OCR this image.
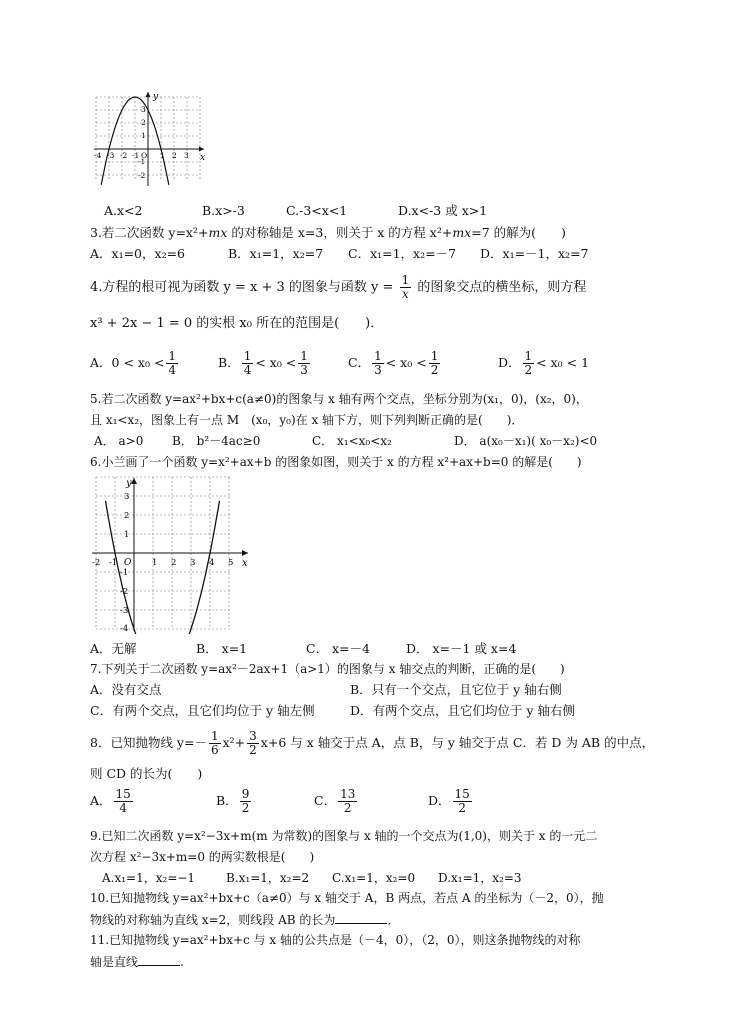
y
x
-4 -3 -2 -1 O 1 2 3
3
2
1
-1
-2
A.x<2	B.x>-3	C.-3<x<1	D.x<-3 或 x>1
3.若二次函数 y=x²+mx 的对称轴是 x=3，则关于 x 的方程 x²+mx=7 的解为(　　)
A．x₁=0，x₂=6	B．x₁=1，x₂=7 C．x₁=1，x₂=－7 D．x₁=－1，x₂=7
4.方程的根可视为函数 y = x + 3 的图象与函数 $y = \frac{1}{x}$ 的图象交点的横坐标，则方程
x³ + 2x − 1 = 0 的实根 x₀ 所在的范围是(　　)．
A．$0 < x_0 < \frac{1}{4}$	B． $\frac{1}{4} < x_0 < \frac{1}{3}$	C． $\frac{1}{3} < x_0 < \frac{1}{2}$	D． $\frac{1}{2} < x_0 < 1$
5.若二次函数 y=ax²+bx+c(a≠0)的图象与 x 轴有两个交点，坐标分别为(x₁，0)，(x₂，0)，
且 x₁<x₂，图象上有一点 M　(x₀，y₀)在 x 轴下方，则下列判断正确的是(　　)．
A． a>0 B． b²－4ac≥0	C． x₁<x₀<x₂	D． a(x₀－x₁)( x₀－x₂)<0
6.小兰画了一个函数 y=x²+ax+b 的图象如图，则关于 x 的方程 x²+ax+b=0 的解是(　　)
y
x
O
-2 -1	1 2 3 4 5
3
2
1
-1
-2
-3
-4
A．无解	B． x=1	C． x=－4	D． x=－1 或 x=4
7.下列关于二次函数 y=ax²－2ax+1（a>1）的图象与 x 轴交点的判断，正确的是(　　)
A．没有交点	B．只有一个交点，且它位于 y 轴右侧
C．有两个交点，且它们均位于 y 轴左侧	D．有两个交点，且它们均位于 y 轴右侧
8．已知抛物线 $y=- \frac{1}{6} x^2+ \frac{3}{2} x+6$ 与 x 轴交于点 A，点 B，与 y 轴交于点 C．若 D 为 AB 的中点，
则 CD 的长为(　　)
A． $\frac{15}{4}$	B． $\frac{9}{2}$	C． $\frac{13}{2}$	D． $\frac{15}{2}$
9.已知二次函数 y=x²−3x+m(m 为常数)的图象与 x 轴的一个交点为(1,0)，则关于 x 的一元二
次方程 x²−3x+m=0 的两实数根是(　　)
A.x₁=1，x₂=−1	B.x₁=1，x₂=2 C.x₁=1，x₂=0 D.x₁=1，x₂=3
10.已知抛物线 y=ax²+bx+c（a≠0）与 x 轴交于 A，B 两点，若点 A 的坐标为（－2，0），抛
物线的对称轴为直线 x=2，则线段 AB 的长为	．
11.已知抛物线 y=ax²+bx+c 与 x 轴的公共点是（－4，0），（2，0），则这条抛物线的对称
轴是直线	.
